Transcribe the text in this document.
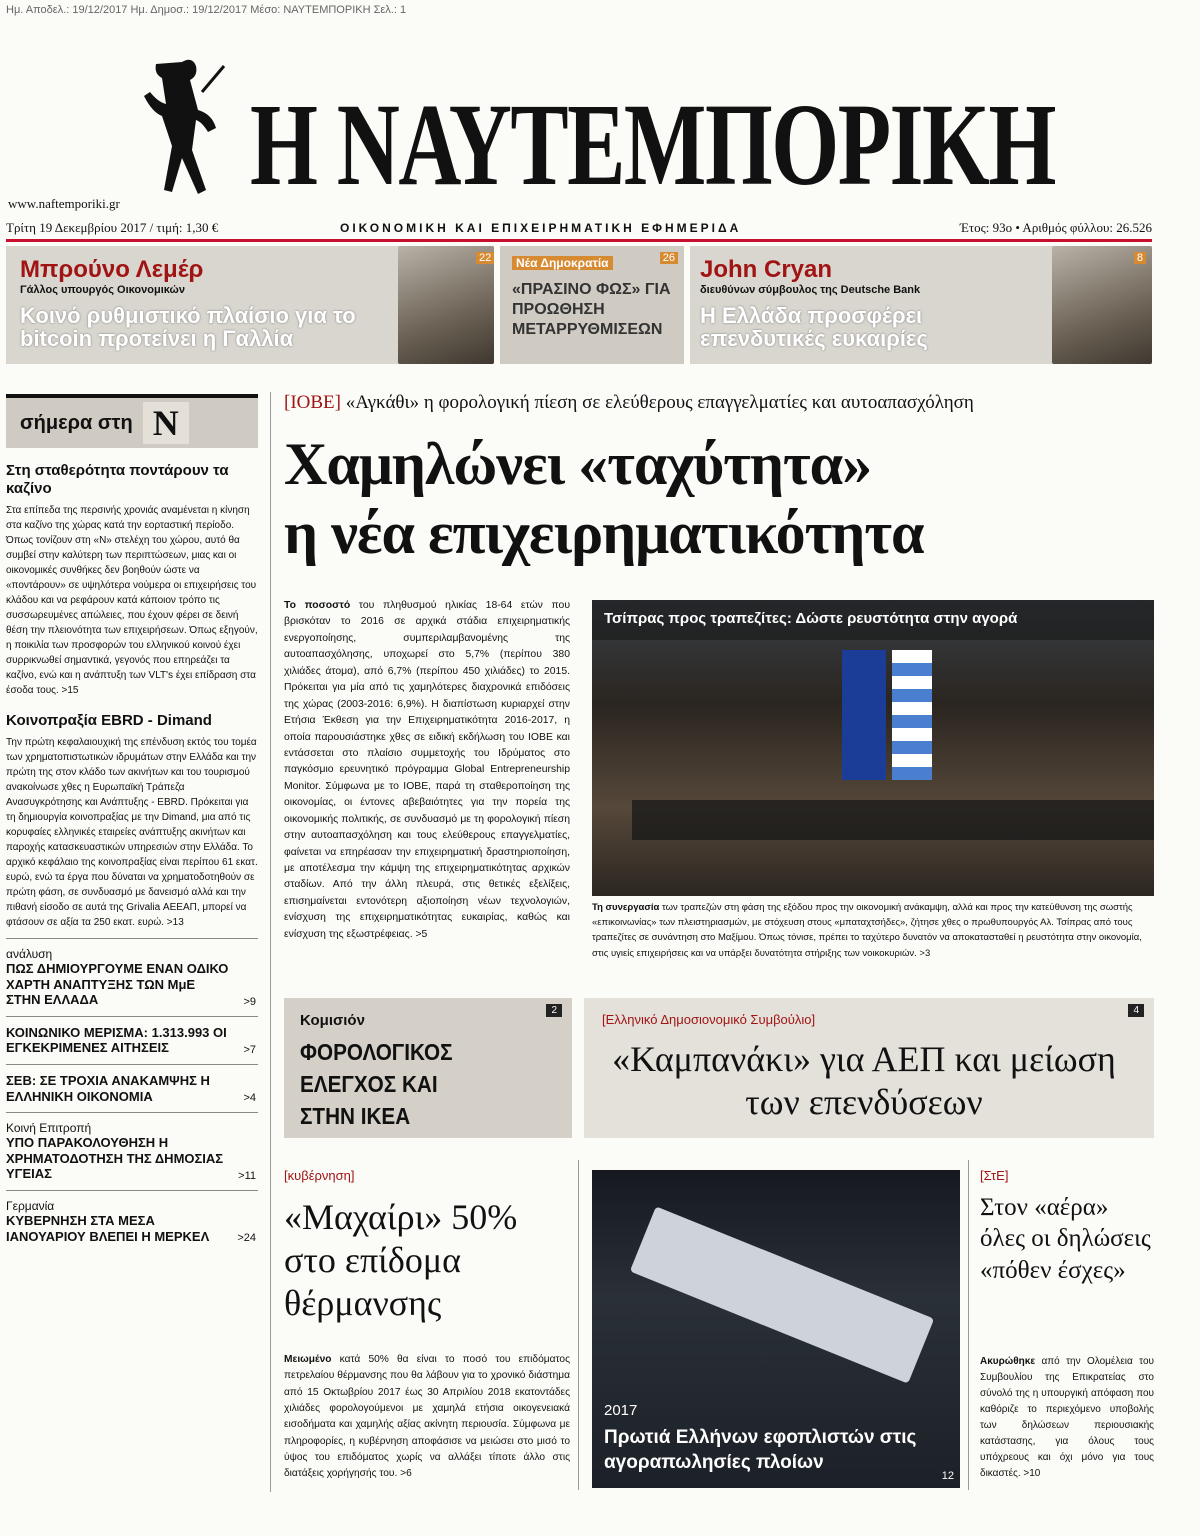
Ημ. Αποδελ.: 19/12/2017 Ημ. Δημοσ.: 19/12/2017 Μέσο: ΝΑΥΤΕΜΠΟΡΙΚΗ Σελ.: 1
Η ΝΑΥΤΕΜΠΟΡΙΚΗ
www.naftemporiki.gr
Τρίτη 19 Δεκεμβρίου 2017 / τιμή: 1,30 €	ΟΙΚΟΝΟΜΙΚΗ ΚΑΙ ΕΠΙΧΕΙΡΗΜΑΤΙΚΗ ΕΦΗΜΕΡΙΔΑ	Έτος: 93ο • Αριθμός φύλλου: 26.526
Μπρούνο Λεμέρ
Γάλλος υπουργός Οικονομικών
Κοινό ρυθμιστικό πλαίσιο για το bitcoin προτείνει η Γαλλία
22	Νέα Δημοκρατία	26
«ΠΡΑΣΙΝΟ ΦΩΣ» ΓΙΑ ΠΡΟΩΘΗΣΗ ΜΕΤΑΡΡΥΘΜΙΣΕΩΝ
John Cryan
διευθύνων σύμβουλος της Deutsche Bank
Η Ελλάδα προσφέρει επενδυτικές ευκαιρίες
8
σήμερα στη N
Στη σταθερότητα ποντάρουν τα καζίνο
Στα επίπεδα της περσινής χρονιάς αναμένεται η κίνηση στα καζίνο της χώρας κατά την εορταστική περίοδο. Όπως τονίζουν στη «Ν» στελέχη του χώρου, αυτό θα συμβεί στην καλύτερη των περιπτώσεων, μιας και οι οικονομικές συνθήκες δεν βοηθούν ώστε να «ποντάρουν» σε υψηλότερα νούμερα οι επιχειρήσεις του κλάδου και να ρεφάρουν κατά κάποιον τρόπο τις συσσωρευμένες απώλειες, που έχουν φέρει σε δεινή θέση την πλειονότητα των επιχειρήσεων. Όπως εξηγούν, η ποικιλία των προσφορών του ελληνικού κοινού έχει συρρικνωθεί σημαντικά, γεγονός που επηρεάζει τα καζίνο, ενώ και η ανάπτυξη των VLT's έχει επίδραση στα έσοδα τους. >15
Κοινοπραξία EBRD - Dimand
Την πρώτη κεφαλαιουχική της επένδυση εκτός του τομέα των χρηματοπιστωτικών ιδρυμάτων στην Ελλάδα και την πρώτη της στον κλάδο των ακινήτων και του τουρισμού ανακοίνωσε χθες η Ευρωπαϊκή Τράπεζα Ανασυγκρότησης και Ανάπτυξης - EBRD. Πρόκειται για τη δημιουργία κοινοπραξίας με την Dimand, μια από τις κορυφαίες ελληνικές εταιρείες ανάπτυξης ακινήτων και παροχής κατασκευαστικών υπηρεσιών στην Ελλάδα. Το αρχικό κεφάλαιο της κοινοπραξίας είναι περίπου 61 εκατ. ευρώ, ενώ τα έργα που δύναται να χρηματοδοτηθούν σε πρώτη φάση, σε συνδυασμό με δανεισμό αλλά και την πιθανή είσοδο σε αυτά της Grivalia ΑΕΕΑΠ, μπορεί να φτάσουν σε αξία τα 250 εκατ. ευρώ. >13
ανάλυση
ΠΩΣ ΔΗΜΙΟΥΡΓΟΥΜΕ ΕΝΑΝ ΟΔΙΚΟ ΧΑΡΤΗ ΑΝΑΠΤΥΞΗΣ ΤΩΝ ΜμΕ ΣΤΗΝ ΕΛΛΑΔΑ	>9
ΚΟΙΝΩΝΙΚΟ ΜΕΡΙΣΜΑ: 1.313.993 ΟΙ ΕΓΚΕΚΡΙΜΕΝΕΣ ΑΙΤΗΣΕΙΣ	>7
ΣΕΒ: ΣΕ ΤΡΟΧΙΑ ΑΝΑΚΑΜΨΗΣ Η ΕΛΛΗΝΙΚΗ ΟΙΚΟΝΟΜΙΑ	>4
Κοινή Επιτροπή
ΥΠΟ ΠΑΡΑΚΟΛΟΥΘΗΣΗ Η ΧΡΗΜΑΤΟΔΟΤΗΣΗ ΤΗΣ ΔΗΜΟΣΙΑΣ ΥΓΕΙΑΣ	>11
Γερμανία
ΚΥΒΕΡΝΗΣΗ ΣΤΑ ΜΕΣΑ ΙΑΝΟΥΑΡΙΟΥ ΒΛΕΠΕΙ Η ΜΕΡΚΕΛ	>24
[ΙΟΒΕ] «Αγκάθι» η φορολογική πίεση σε ελεύθερους επαγγελματίες και αυτοαπασχόληση
Χαμηλώνει «ταχύτητα»
η νέα επιχειρηματικότητα
Το ποσοστό του πληθυσμού ηλικίας 18-64 ετών που βρισκόταν το 2016 σε αρχικά στάδια επιχειρηματικής ενεργοποίησης, συμπεριλαμβανομένης της αυτοαπασχόλησης, υποχωρεί στο 5,7% (περίπου 380 χιλιάδες άτομα), από 6,7% (περίπου 450 χιλιάδες) το 2015. Πρόκειται για μία από τις χαμηλότερες διαχρονικά επιδόσεις της χώρας (2003-2016: 6,9%). Η διαπίστωση κυριαρχεί στην Ετήσια Έκθεση για την Επιχειρηματικότητα 2016-2017, η οποία παρουσιάστηκε χθες σε ειδική εκδήλωση του ΙΟΒΕ και εντάσσεται στο πλαίσιο συμμετοχής του Ιδρύματος στο παγκόσμιο ερευνητικό πρόγραμμα Global Entrepreneurship Monitor. Σύμφωνα με το ΙΟΒΕ, παρά τη σταθεροποίηση της οικονομίας, οι έντονες αβεβαιότητες για την πορεία της οικονομικής πολιτικής, σε συνδυασμό με τη φορολογική πίεση στην αυτοαπασχόληση και τους ελεύθερους επαγγελματίες, φαίνεται να επηρέασαν την επιχειρηματική δραστηριοποίηση, με αποτέλεσμα την κάμψη της επιχειρηματικότητας αρχικών σταδίων. Από την άλλη πλευρά, στις θετικές εξελίξεις, επισημαίνεται εντονότερη αξιοποίηση νέων τεχνολογιών, ενίσχυση της επιχειρηματικότητας ευκαιρίας, καθώς και ενίσχυση της εξωστρέφειας. >5
Τσίπρας προς τραπεζίτες: Δώστε ρευστότητα στην αγορά
Τη συνεργασία των τραπεζών στη φάση της εξόδου προς την οικονομική ανάκαμψη, αλλά και προς την κατεύθυνση της σωστής «επικοινωνίας» των πλειστηριασμών, με στόχευση στους «μπαταχτσήδες», ζήτησε χθες ο πρωθυπουργός Αλ. Τσίπρας από τους τραπεζίτες σε συνάντηση στο Μαξίμου. Όπως τόνισε, πρέπει το ταχύτερο δυνατόν να αποκατασταθεί η ρευστότητα στην οικονομία, στις υγιείς επιχειρήσεις και να υπάρξει δυνατότητα στήριξης των νοικοκυριών. >3
Κομισιόν
ΦΟΡΟΛΟΓΙΚΟΣ ΕΛΕΓΧΟΣ ΚΑΙ ΣΤΗΝ ΙΚΕΑ
2
[Ελληνικό Δημοσιονομικό Συμβούλιο]
«Καμπανάκι» για ΑΕΠ και μείωση των επενδύσεων
4
[κυβέρνηση]
«Μαχαίρι» 50% στο επίδομα θέρμανσης
Μειωμένο κατά 50% θα είναι το ποσό του επιδόματος πετρελαίου θέρμανσης που θα λάβουν για το χρονικό διάστημα από 15 Οκτωβρίου 2017 έως 30 Απριλίου 2018 εκατοντάδες χιλιάδες φορολογούμενοι με χαμηλά ετήσια οικογενειακά εισοδήματα και χαμηλής αξίας ακίνητη περιουσία. Σύμφωνα με πληροφορίες, η κυβέρνηση αποφάσισε να μειώσει στο μισό το ύψος του επιδόματος χωρίς να αλλάξει τίποτε άλλο στις διατάξεις χορήγησής του. >6
2017
Πρωτιά Ελλήνων εφοπλιστών στις αγοραπωλησίες πλοίων
12
[ΣτΕ]
Στον «αέρα» όλες οι δηλώσεις «πόθεν έσχες»
Ακυρώθηκε από την Ολομέλεια του Συμβουλίου της Επικρατείας στο σύνολό της η υπουργική απόφαση που καθόριζε το περιεχόμενο υποβολής των δηλώσεων περιουσιακής κατάστασης, για όλους τους υπόχρεους και όχι μόνο για τους δικαστές. >10
